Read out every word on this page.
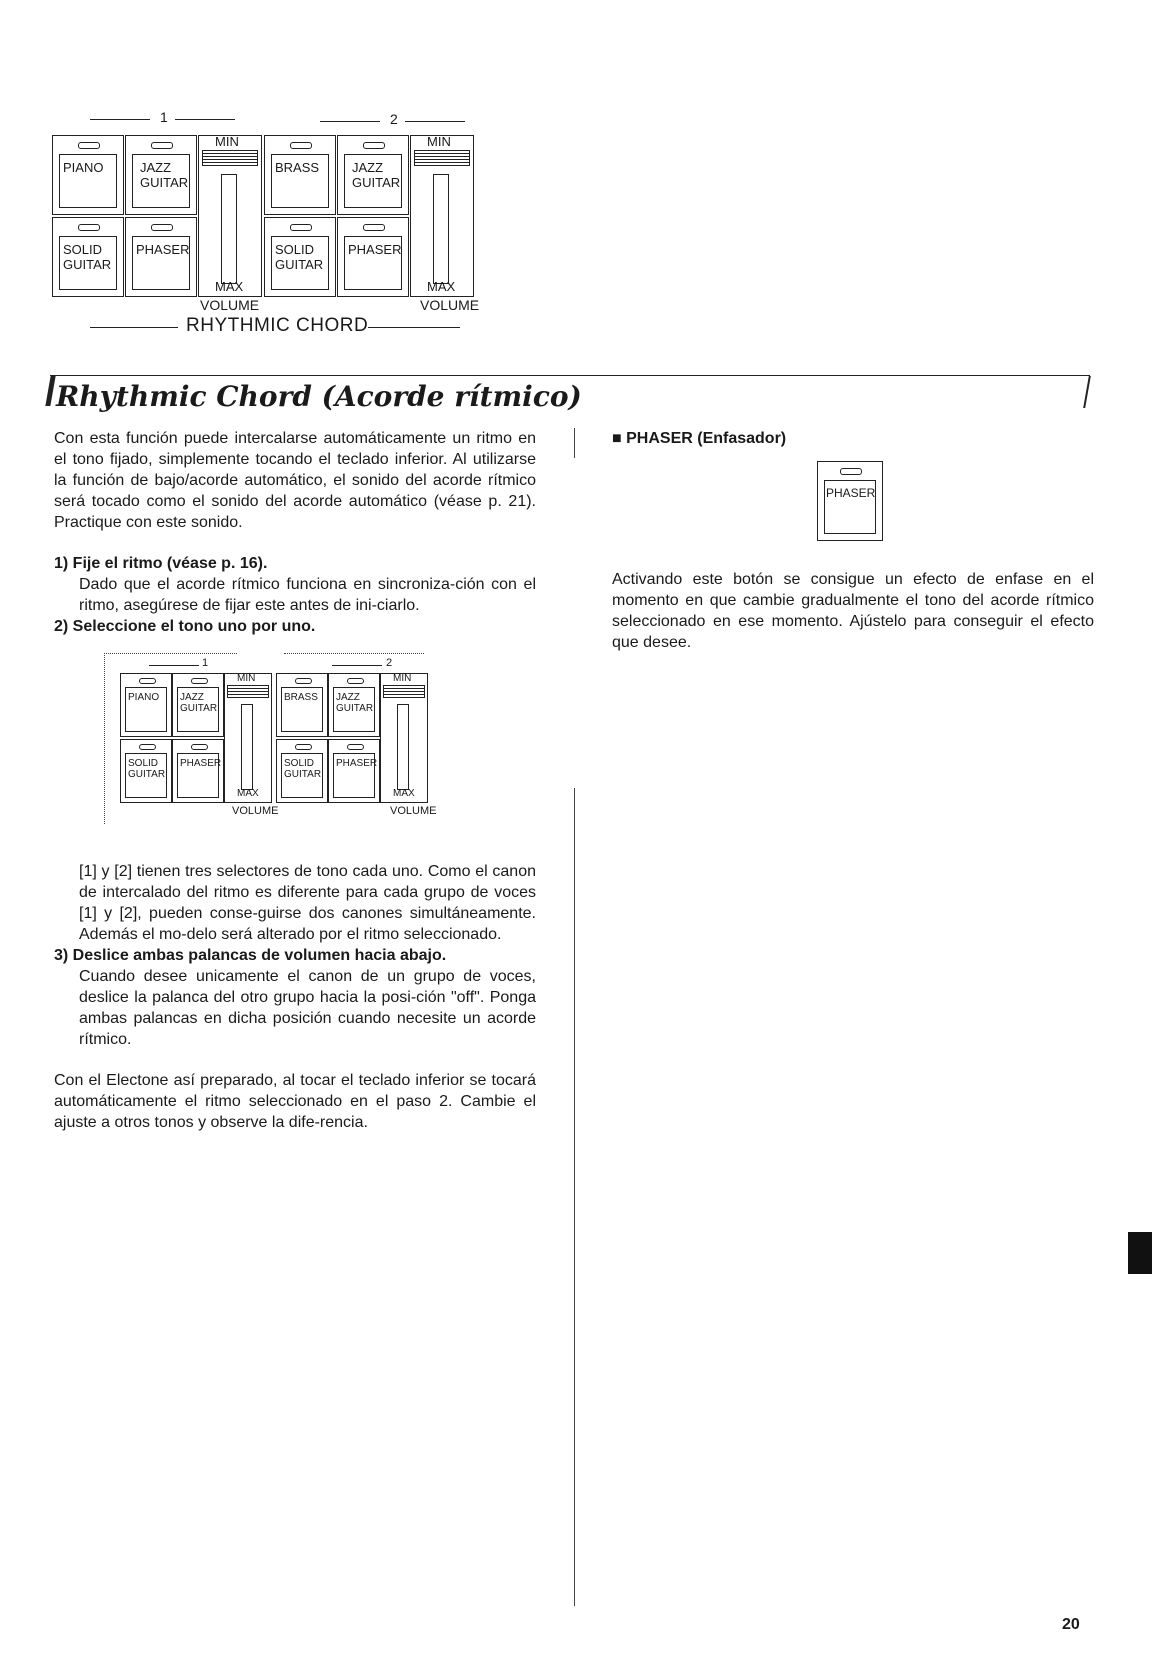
1	2
PIANO	JAZZ
GUITAR
SOLID
GUITAR
PHASER
MIN
MAX
VOLUME
BRASS	JAZZ
GUITAR
SOLID
GUITAR
PHASER
MIN
MAX
VOLUME
RHYTHMIC CHORD
Rhythmic Chord (Acorde rítmico)

Con esta función puede intercalarse automáticamente un ritmo en el tono fijado, simplemente tocando el teclado inferior. Al utilizarse la función de bajo/acorde automático, el sonido del acorde rítmico será tocado como el sonido del acorde automático (véase p. 21). Practique con este sonido.

1) Fije el ritmo (véase p. 16).

Dado que el acorde rítmico funciona en sincroniza-ción con el ritmo, asegúrese de fijar este antes de ini-ciarlo.

2) Seleccione el tono uno por uno.

1	2
PIANO JAZZ
GUITAR
SOLID
GUITAR
PHASER
MIN
MAX
VOLUME
BRASS JAZZ
GUITAR
SOLID
GUITAR
PHASER
MIN
MAX
VOLUME

[1] y [2] tienen tres selectores de tono cada uno. Como el canon de intercalado del ritmo es diferente para cada grupo de voces [1] y [2], pueden conse-guirse dos canones simultáneamente. Además el mo-delo será alterado por el ritmo seleccionado.

3) Deslice ambas palancas de volumen hacia abajo.

Cuando desee unicamente el canon de un grupo de voces, deslice la palanca del otro grupo hacia la posi-ción "off". Ponga ambas palancas en dicha posición cuando necesite un acorde rítmico.

Con el Electone así preparado, al tocar el teclado inferior se tocará automáticamente el ritmo seleccionado en el paso 2. Cambie el ajuste a otros tonos y observe la dife-rencia.

■ PHASER (Enfasador)

PHASER

Activando este botón se consigue un efecto de enfase en el momento en que cambie gradualmente el tono del acorde rítmico seleccionado en ese momento. Ajústelo para conseguir el efecto que desee.

20
